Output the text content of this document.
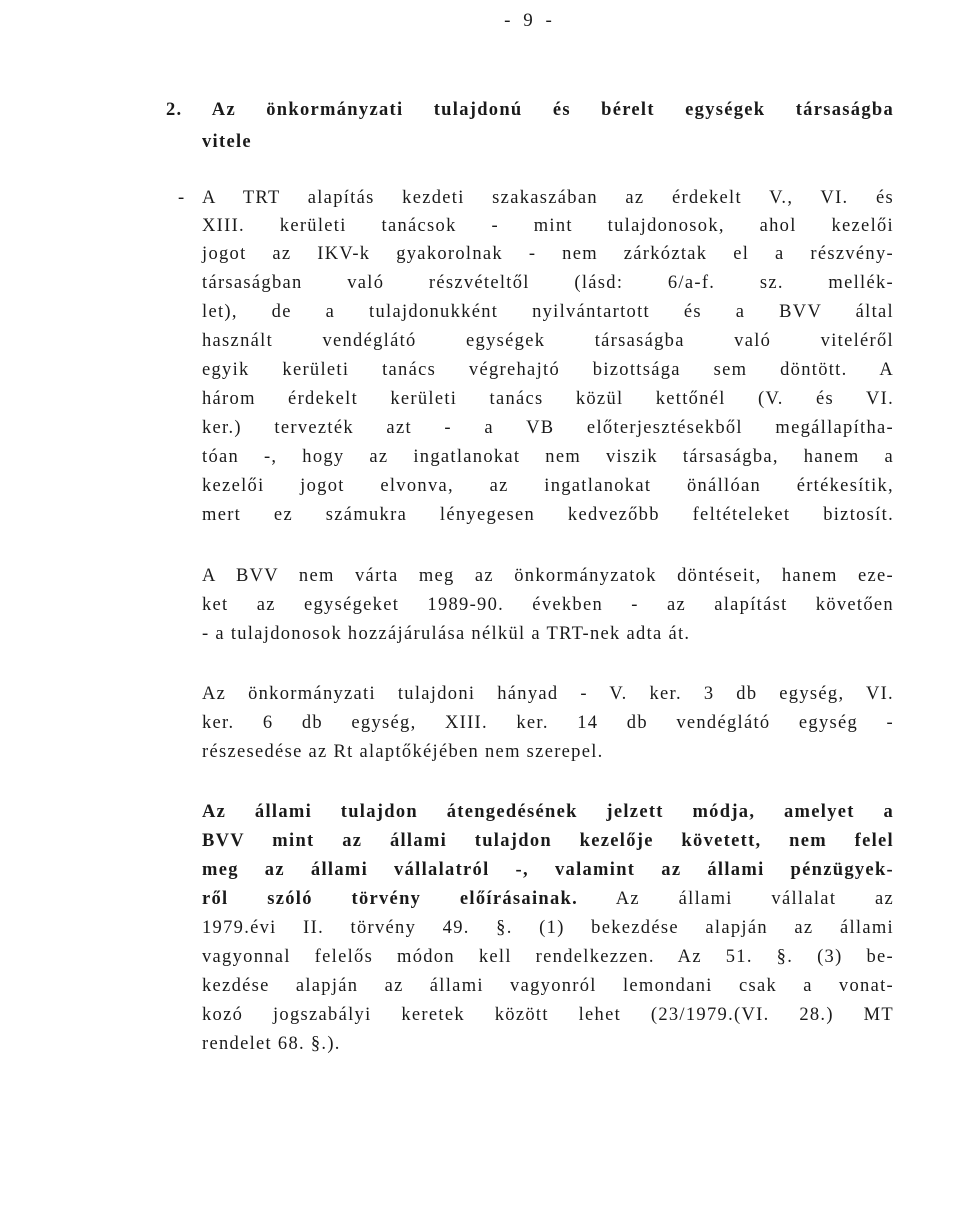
- 9 -
2. Az önkormányzati tulajdonú és bérelt egységek társaságba
vitele
- A TRT alapítás kezdeti szakaszában az érdekelt V., VI. és
XIII. kerületi tanácsok - mint tulajdonosok, ahol kezelői
jogot az IKV-k gyakorolnak - nem zárkóztak el a részvény-
társaságban való részvételtől (lásd: 6/a-f. sz. mellék-
let), de a tulajdonukként nyilvántartott és a BVV által
használt vendéglátó egységek társaságba való viteléről
egyik kerületi tanács végrehajtó bizottsága sem döntött. A
három érdekelt kerületi tanács közül kettőnél (V. és VI.
ker.) tervezték azt - a VB előterjesztésekből megállapítha-
tóan -, hogy az ingatlanokat nem viszik társaságba, hanem a
kezelői jogot elvonva, az ingatlanokat önállóan értékesítik,
mert ez számukra lényegesen kedvezőbb feltételeket biztosít.
A BVV nem várta meg az önkormányzatok döntéseit, hanem eze-
ket az egységeket 1989-90. években - az alapítást követően
- a tulajdonosok hozzájárulása nélkül a TRT-nek adta át.
Az önkormányzati tulajdoni hányad - V. ker. 3 db egység, VI.
ker. 6 db egység, XIII. ker. 14 db vendéglátó egység -
részesedése az Rt alaptőkéjében nem szerepel.
Az állami tulajdon átengedésének jelzett módja, amelyet a
BVV mint az állami tulajdon kezelője követett, nem felel
meg az állami vállalatról -, valamint az állami pénzügyek-
ről szóló törvény előírásainak. Az állami vállalat az
1979.évi II. törvény 49. §. (1) bekezdése alapján az állami
vagyonnal felelős módon kell rendelkezzen. Az 51. §. (3) be-
kezdése alapján az állami vagyonról lemondani csak a vonat-
kozó jogszabályi keretek között lehet (23/1979.(VI. 28.) MT
rendelet 68. §.).
